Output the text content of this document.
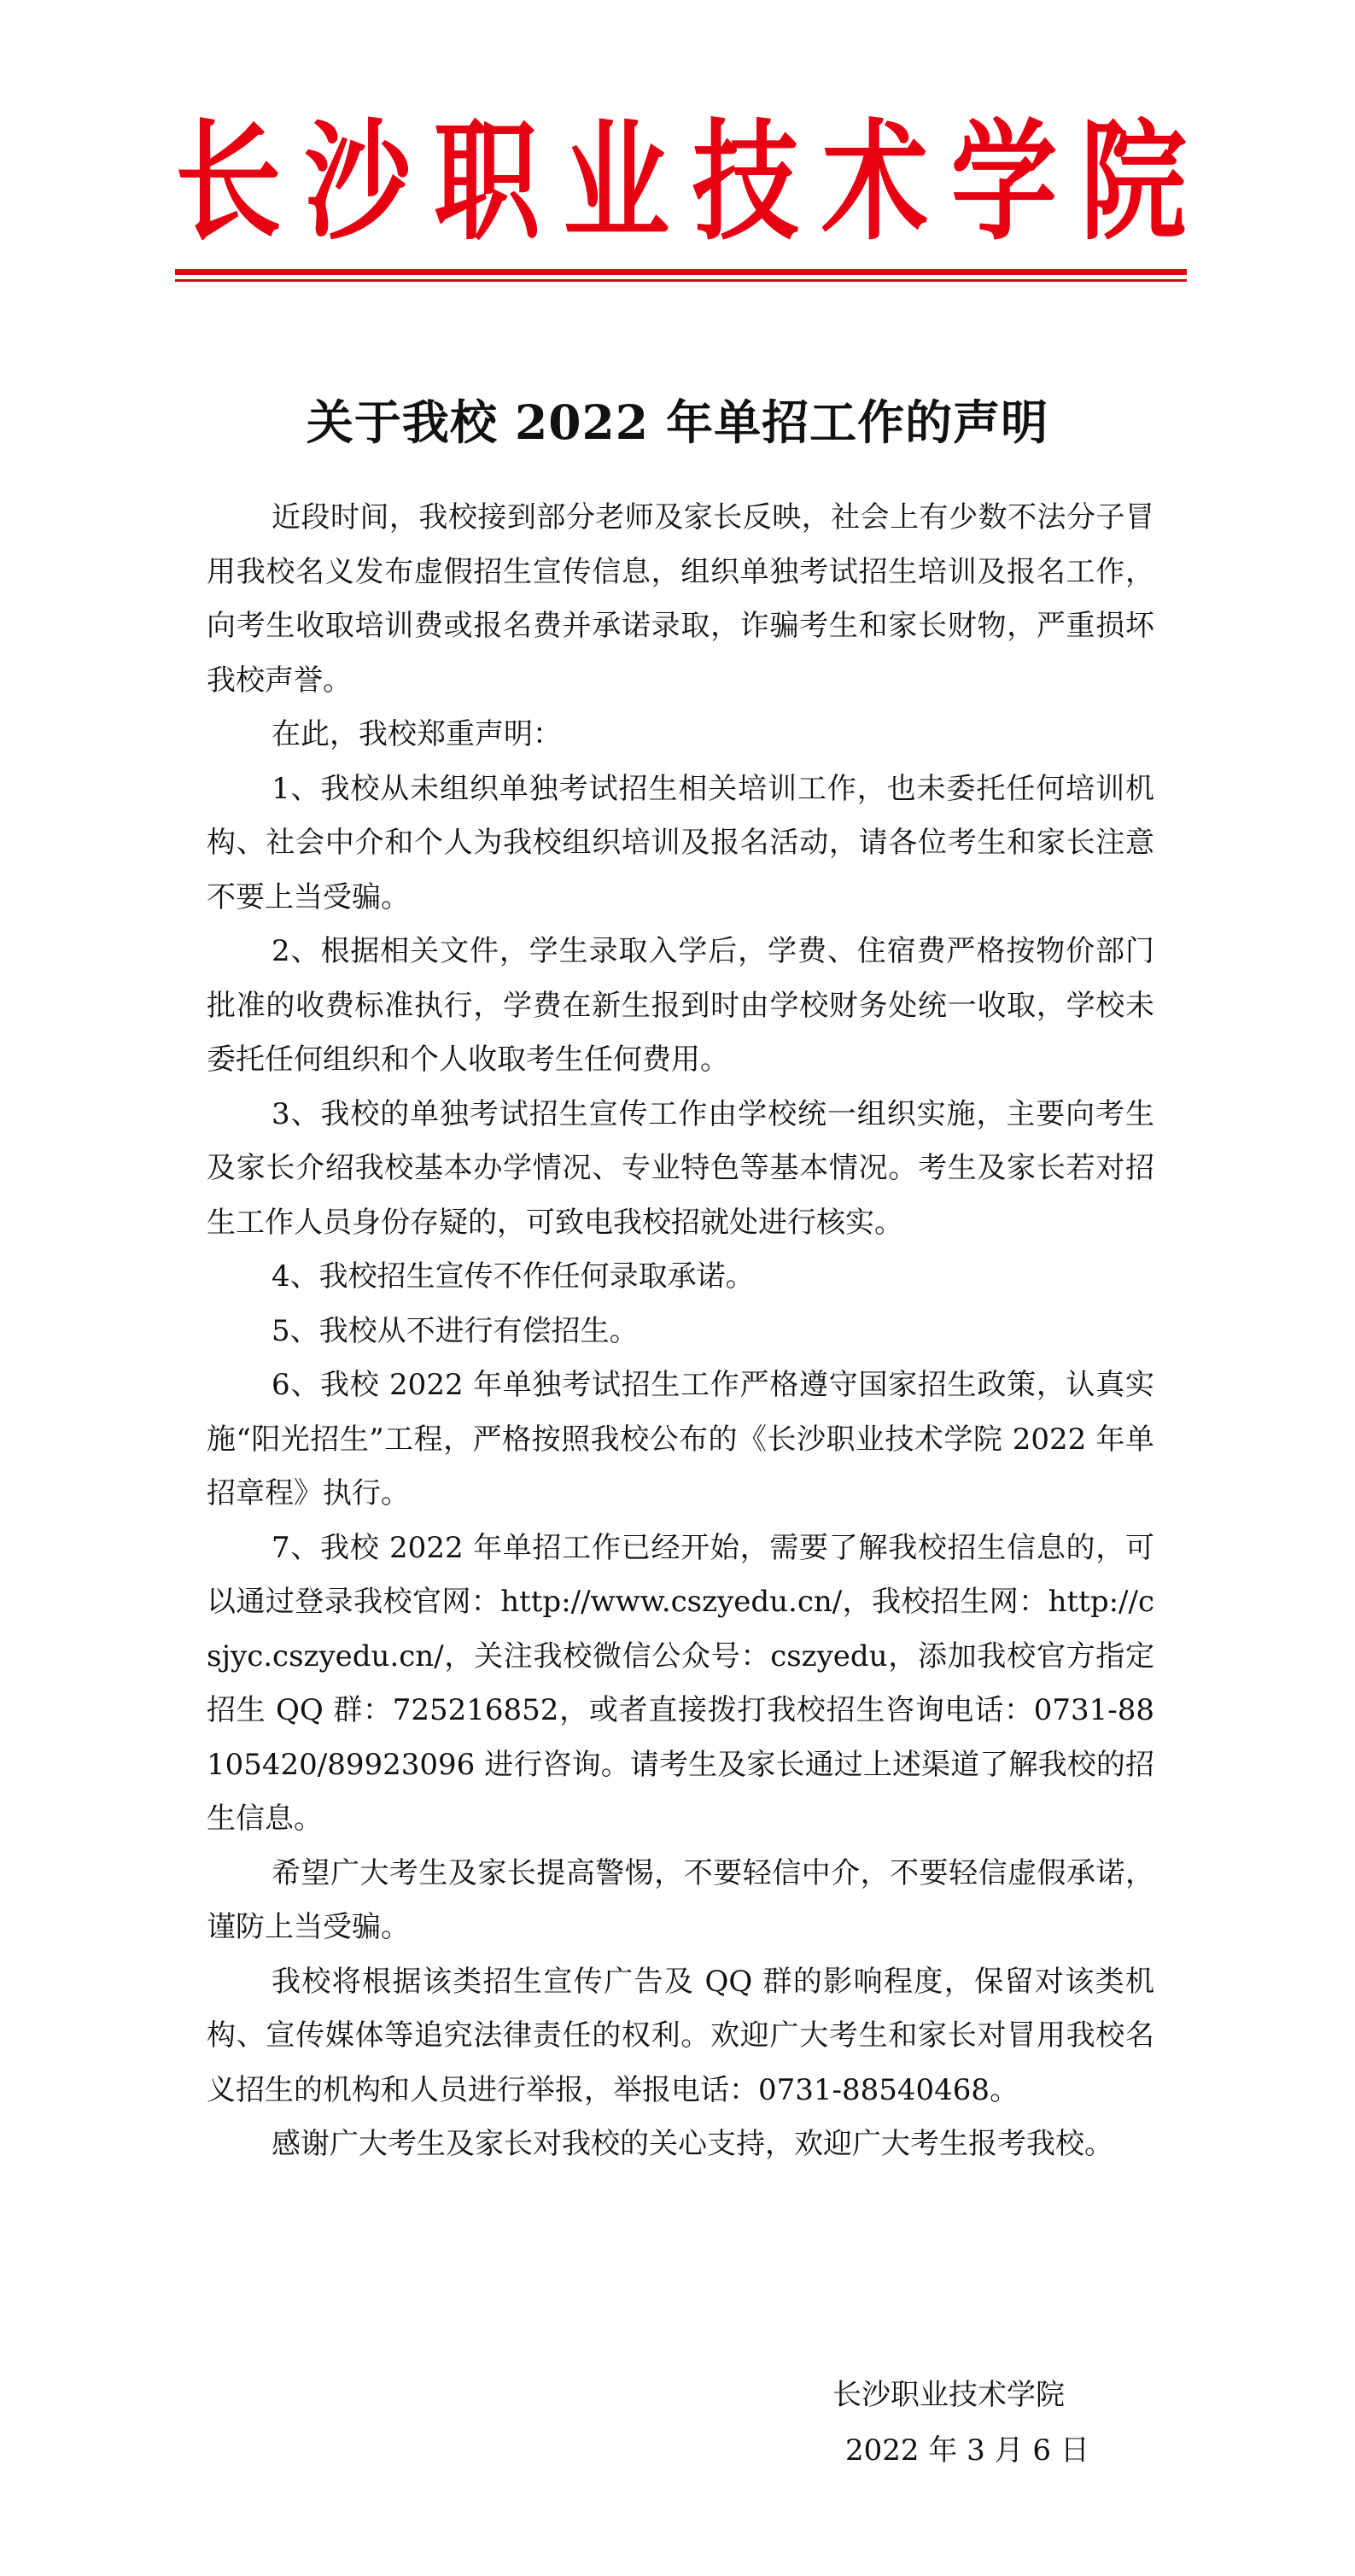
长 沙 职 业 技 术 学 院
关于我校 2022 年单招工作的声明

近段时间，我校接到部分老师及家长反映，社会上有少数不法分子冒用我校名义发布虚假招生宣传信息，组织单独考试招生培训及报名工作，向考生收取培训费或报名费并承诺录取，诈骗考生和家长财物，严重损坏我校声誉。

在此，我校郑重声明：

1、我校从未组织单独考试招生相关培训工作，也未委托任何培训机构、社会中介和个人为我校组织培训及报名活动，请各位考生和家长注意不要上当受骗。

2、根据相关文件，学生录取入学后，学费、住宿费严格按物价部门批准的收费标准执行，学费在新生报到时由学校财务处统一收取，学校未委托任何组织和个人收取考生任何费用。

3、我校的单独考试招生宣传工作由学校统一组织实施，主要向考生及家长介绍我校基本办学情况、专业特色等基本情况。考生及家长若对招生工作人员身份存疑的，可致电我校招就处进行核实。

4、我校招生宣传不作任何录取承诺。

5、我校从不进行有偿招生。

6、我校 2022 年单独考试招生工作严格遵守国家招生政策，认真实施“阳光招生”工程，严格按照我校公布的《长沙职业技术学院 2022 年单招章程》执行。

7、我校 2022 年单招工作已经开始，需要了解我校招生信息的，可以通过登录我校官网：http://www.cszyedu.cn/，我校招生网：http://csjyc.cszyedu.cn/，关注我校微信公众号：cszyedu，添加我校官方指定招生 QQ 群：725216852，或者直接拨打我校招生咨询电话：0731-88105420/89923096 进行咨询。请考生及家长通过上述渠道了解我校的招生信息。

希望广大考生及家长提高警惕，不要轻信中介，不要轻信虚假承诺，谨防上当受骗。

我校将根据该类招生宣传广告及 QQ 群的影响程度，保留对该类机构、宣传媒体等追究法律责任的权利。欢迎广大考生和家长对冒用我校名义招生的机构和人员进行举报，举报电话：0731-88540468。

感谢广大考生及家长对我校的关心支持，欢迎广大考生报考我校。

长沙职业技术学院
2022 年 3 月 6 日
